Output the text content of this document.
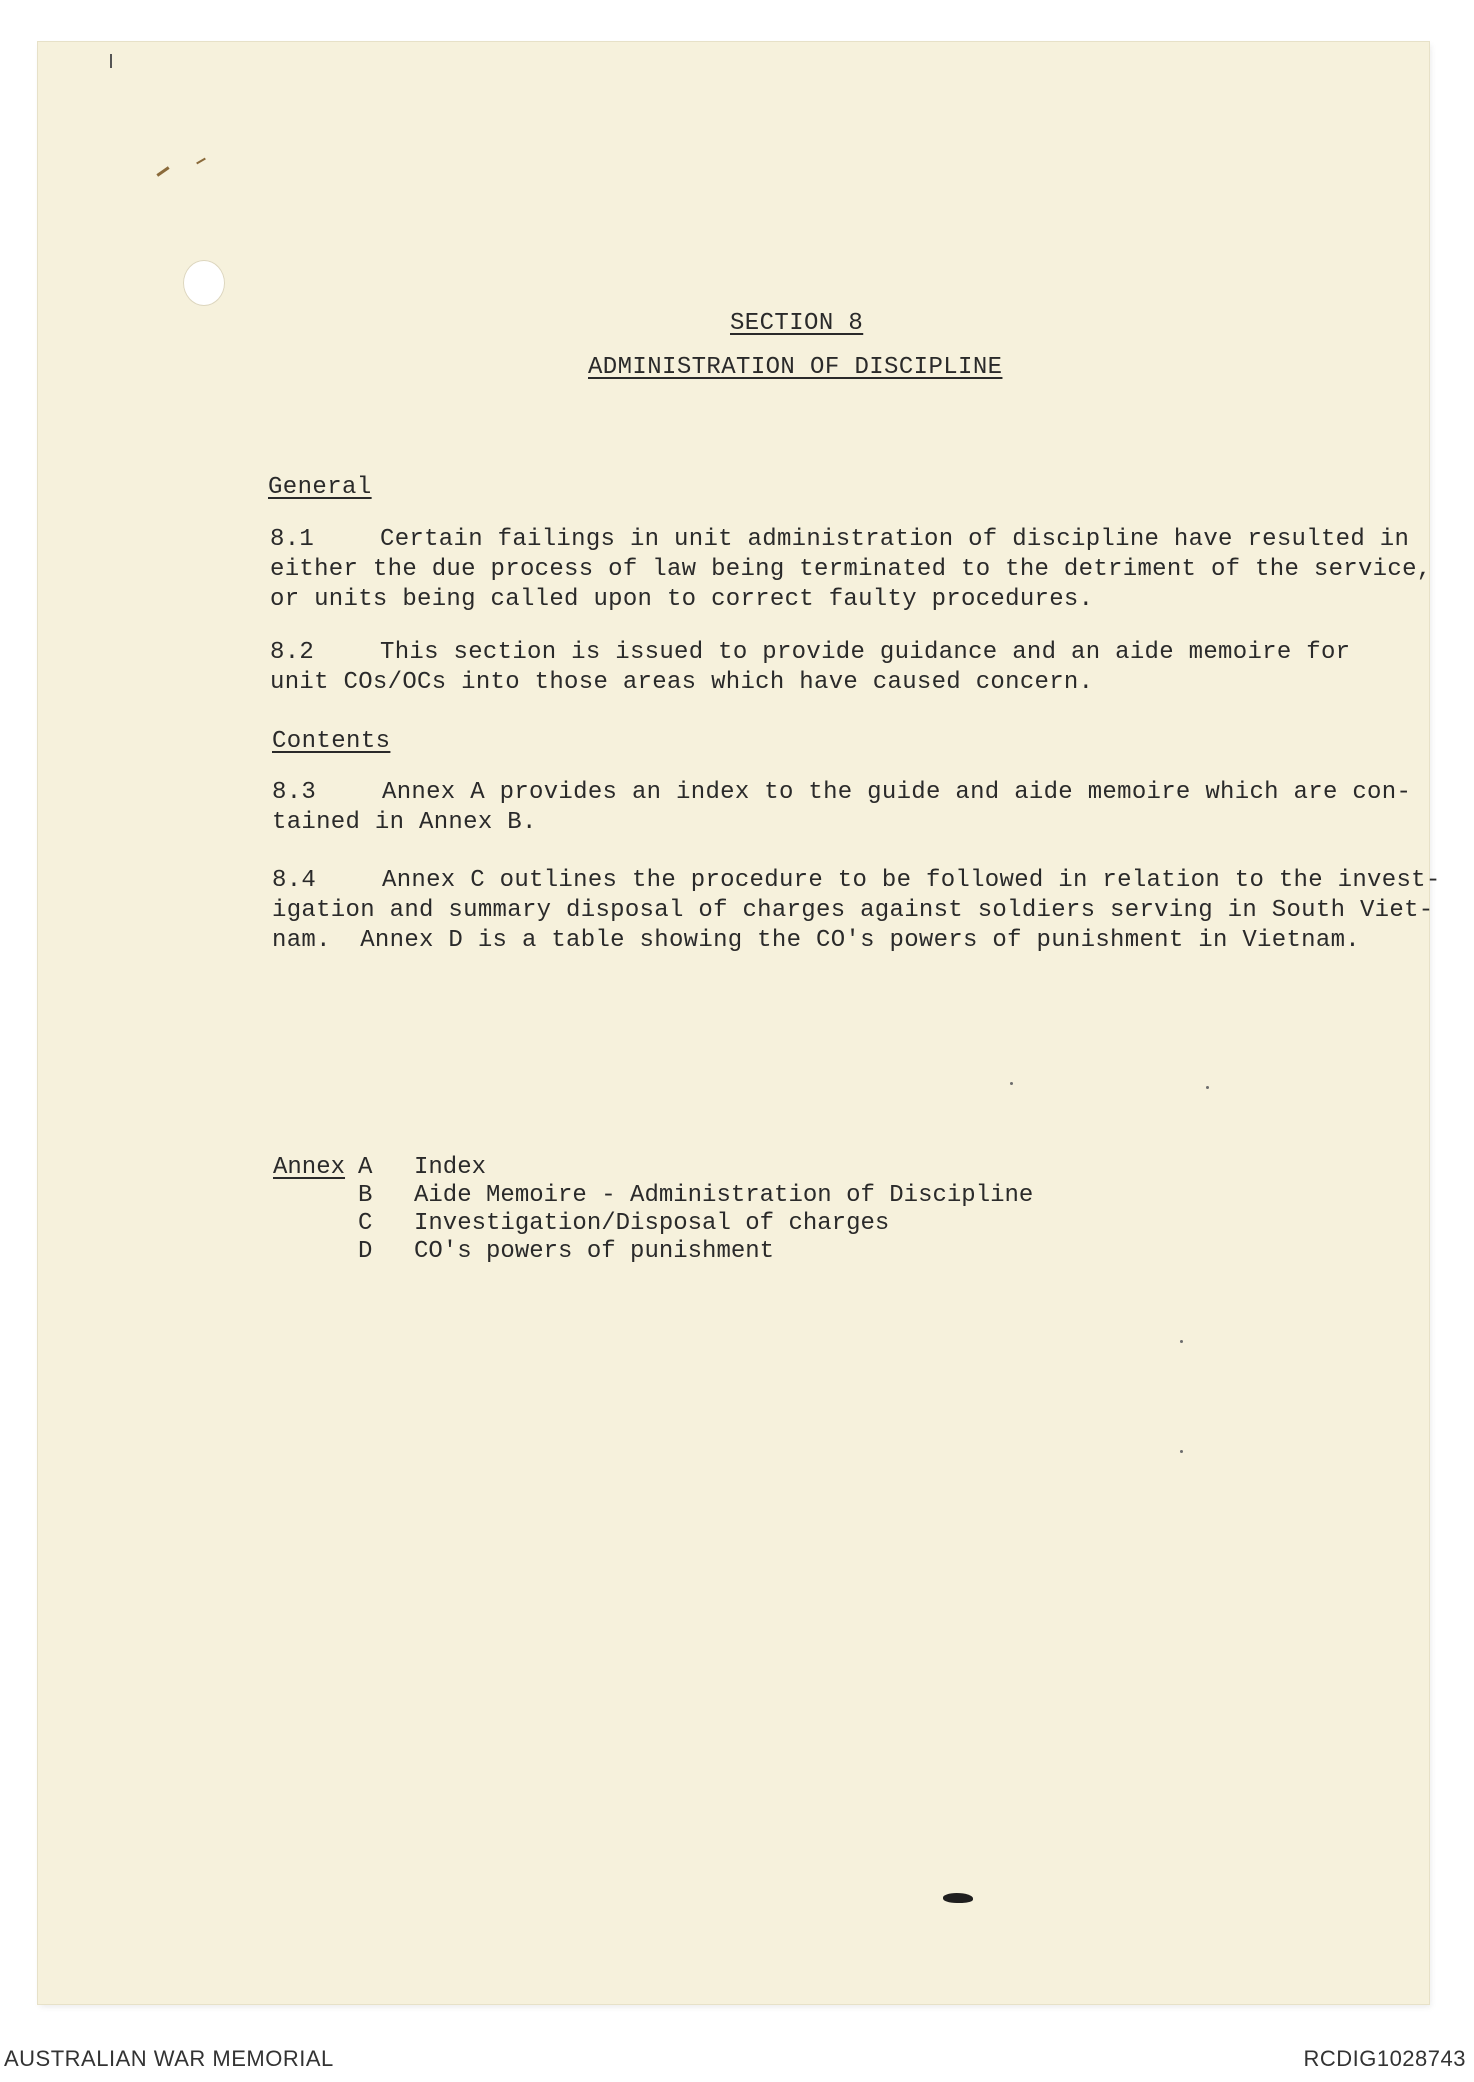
SECTION 8
ADMINISTRATION OF DISCIPLINE
General
8.1	Certain failings in unit administration of discipline have resulted in
either the due process of law being terminated to the detriment of the service,
or units being called upon to correct faulty procedures.
8.2	This section is issued to provide guidance and an aide memoire for
unit COs/OCs into those areas which have caused concern.
Contents
8.3	Annex A provides an index to the guide and aide memoire which are con-
tained in Annex B.
8.4	Annex C outlines the procedure to be followed in relation to the invest-
igation and summary disposal of charges against soldiers serving in South Viet-
nam.  Annex D is a table showing the CO's powers of punishment in Vietnam.
Annex A Index
B Aide Memoire - Administration of Discipline
C Investigation/Disposal of charges
D CO's powers of punishment
AUSTRALIAN WAR MEMORIAL	RCDIG1028743
